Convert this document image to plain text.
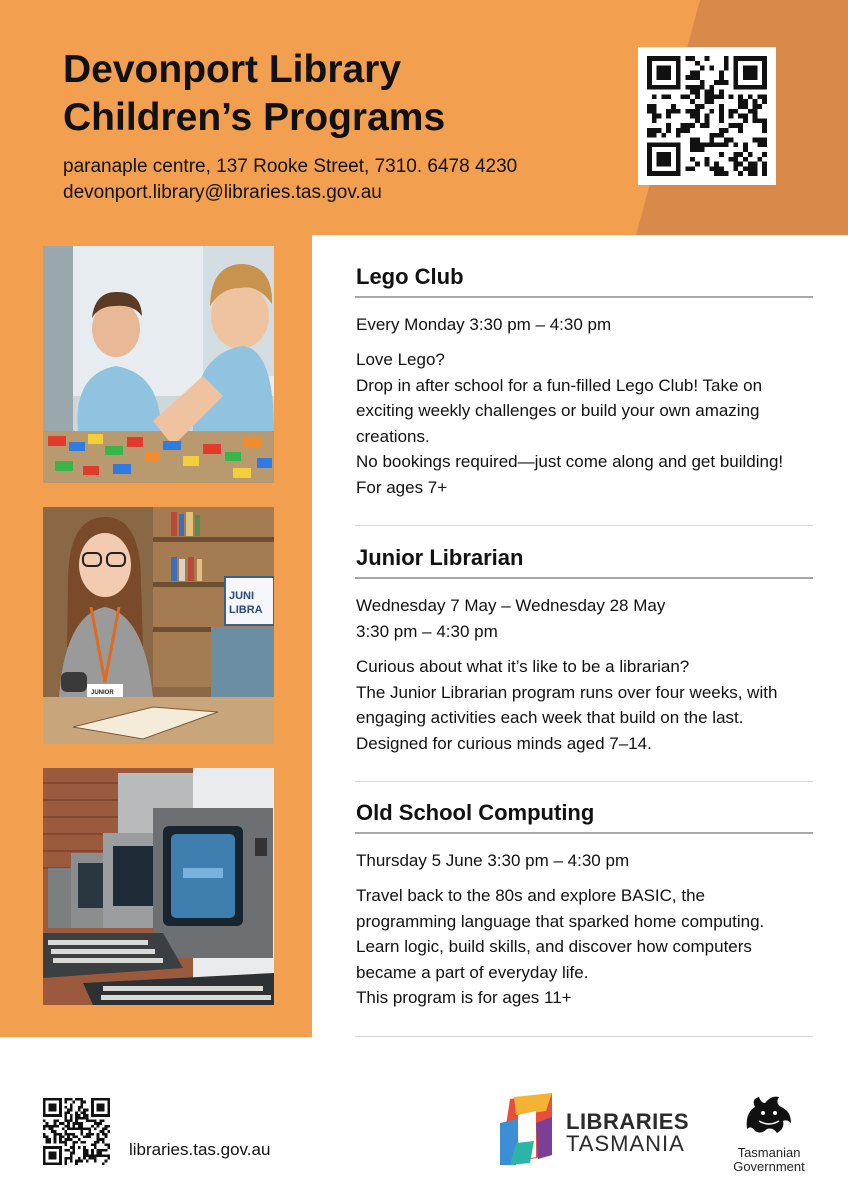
Devonport Library
Children’s Programs
paranaple centre, 137 Rooke Street, 7310. 6478 4230
devonport.library@libraries.tas.gov.au
JUNI
LIBRA
JUNIOR
Lego Club
Every Monday 3:30 pm – 4:30 pm
Love Lego?
Drop in after school for a fun-filled Lego Club! Take on
exciting weekly challenges or build your own amazing
creations.
No bookings required—just come along and get building!
For ages 7+
Junior Librarian
Wednesday 7 May – Wednesday 28 May
3:30 pm – 4:30 pm
Curious about what it’s like to be a librarian?
The Junior Librarian program runs over four weeks, with
engaging activities each week that build on the last.
Designed for curious minds aged 7–14.
Old School Computing
Thursday 5 June 3:30 pm – 4:30 pm
Travel back to the 80s and explore BASIC, the
programming language that sparked home computing.
Learn logic, build skills, and discover how computers
became a part of everyday life.
This program is for ages 11+
libraries.tas.gov.au
LIBRARIES
TASMANIA	Tasmanian
Government
